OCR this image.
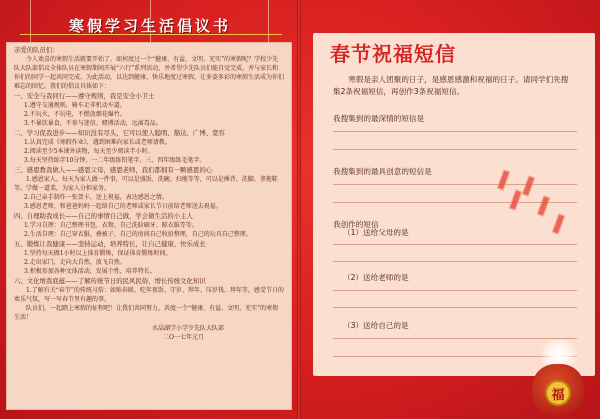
寒假学习生活倡议书

亲爱的队员们：

令人欢喜的寒假生活就要开始了，如何度过一个“健康、有益、文明、充实”的寒假呢？学校少先队大队部倡议全体队员在寒假期间开展“六行”系列活动，并希望少先队员们能自觉完成，并与家长和你们的同学一起共同完成、为此活动，以达到健康、快乐地度过寒假，让多姿多彩的寒假生活成为你们难忘的回忆。我们的倡议具体如下：

一、安全与我同行——遵守规则，我是安全小卫士

1.遵守交通规则，骑车走非机动车道。

2.不玩火，不玩电，不燃放烟花爆竹。

3.不暴饮暴食，不参与迷信、赌博活动，远离毒品。

二、学习促我进步——知识没有尽头，它可以使人聪明、豁达、广博、宽容

1.认真完成《寒假作业》，遇到困难向家长或老师请教。

2.阅读至少5本课外读物，每天至少阅读半小时。

3.每天坚持练字10分钟，一二年级练铅笔字，三、四年级练毛笔字。

三、感恩教我做人——感恩父母，感恩老师，我们都拥有一颗感恩的心

1.感恩家人。每天为家人做一件事，可以是盛饭、洗碗、扫地等等，可以是捶背、洗脚、拿拖鞋等。学做一道菜，为家人分担家务。

2.自己亲手制作一张贺卡，送上祝福，表达感恩之情。

3.感恩老师，和爸爸妈妈一起给自己的老师或家长节日前给老师送去祝福。

四、自理助我成长——自己的事情自己做，学会做生活的小主人

1.学习自理：自己整理书包、衣物、自己洗脸刷牙、晾衣服等等。

2.生活自理：自己穿衣服、叠被子、自己的房间自己收拾整理，自己的玩具自己整理。

五、锻炼让我健康——坚持运动，培养特长，让自己健康、快乐成长

1.坚持每天做1小时以上体育锻炼，保证体育锻炼时间。

2.走出家门，走向大自然，放飞自然。

3.积极参加各种文体活动，发展个性，培养特长。

六、文化增我底蕴——了解传统节日的民风民俗，增长传统文化知识

1.了解有关“春节”的传统习俗：如贴春联、吃年夜饭、守岁、拜年、压岁钱、拜年等，感受节日的欢乐气氛，写一写春节里有趣的事。

队员们，一起踏上寒假的征程吧！让我们共同努力，共度一个“健康、有益、文明、充实”的寒假生活！

水晶湖学小学少先队大队部

二O一七年元月

春节祝福短信
寒假是亲人团聚的日子，是感恩感激和祝福的日子。请同学们先搜集2条祝福短信，再创作3条祝福短信。
我搜集到的最深情的短信是
我搜集到的最具创意的短信是
我创作的短信
（1）送给父母的是
（2）送给老师的是
（3）送给自己的是
福
